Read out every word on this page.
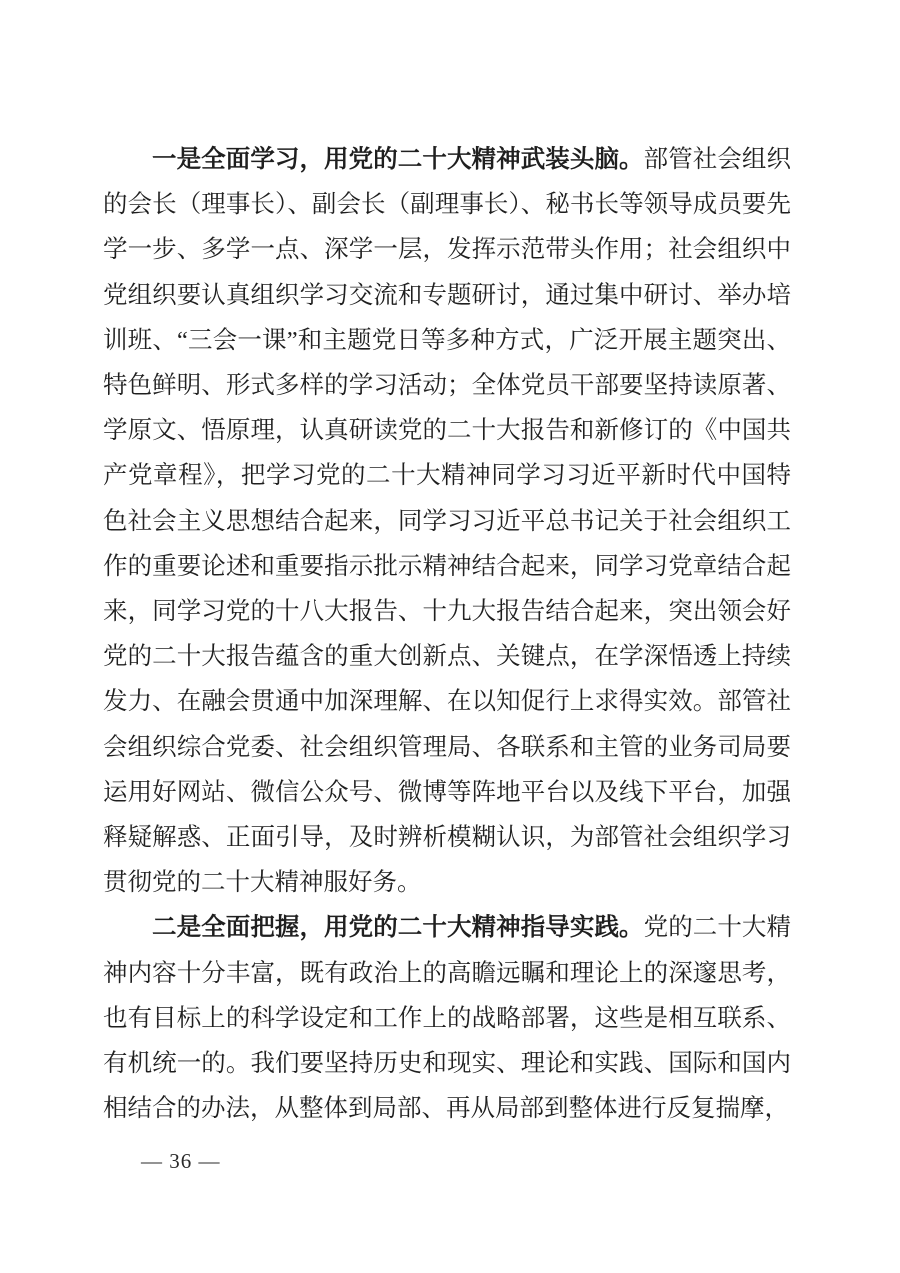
一是全面学习，用党的二十大精神武装头脑。部管社会组织的会长（理事长）、副会长（副理事长）、秘书长等领导成员要先学一步、多学一点、深学一层，发挥示范带头作用；社会组织中党组织要认真组织学习交流和专题研讨，通过集中研讨、举办培训班、“三会一课”和主题党日等多种方式，广泛开展主题突出、特色鲜明、形式多样的学习活动；全体党员干部要坚持读原著、学原文、悟原理，认真研读党的二十大报告和新修订的《中国共产党章程》，把学习党的二十大精神同学习习近平新时代中国特色社会主义思想结合起来，同学习习近平总书记关于社会组织工作的重要论述和重要指示批示精神结合起来，同学习党章结合起来，同学习党的十八大报告、十九大报告结合起来，突出领会好党的二十大报告蕴含的重大创新点、关键点，在学深悟透上持续发力、在融会贯通中加深理解、在以知促行上求得实效。部管社会组织综合党委、社会组织管理局、各联系和主管的业务司局要运用好网站、微信公众号、微博等阵地平台以及线下平台，加强释疑解惑、正面引导，及时辨析模糊认识，为部管社会组织学习贯彻党的二十大精神服好务。

二是全面把握，用党的二十大精神指导实践。党的二十大精神内容十分丰富，既有政治上的高瞻远瞩和理论上的深邃思考，也有目标上的科学设定和工作上的战略部署，这些是相互联系、有机统一的。我们要坚持历史和现实、理论和实践、国际和国内相结合的办法，从整体到局部、再从局部到整体进行反复揣摩，

— 36 —
